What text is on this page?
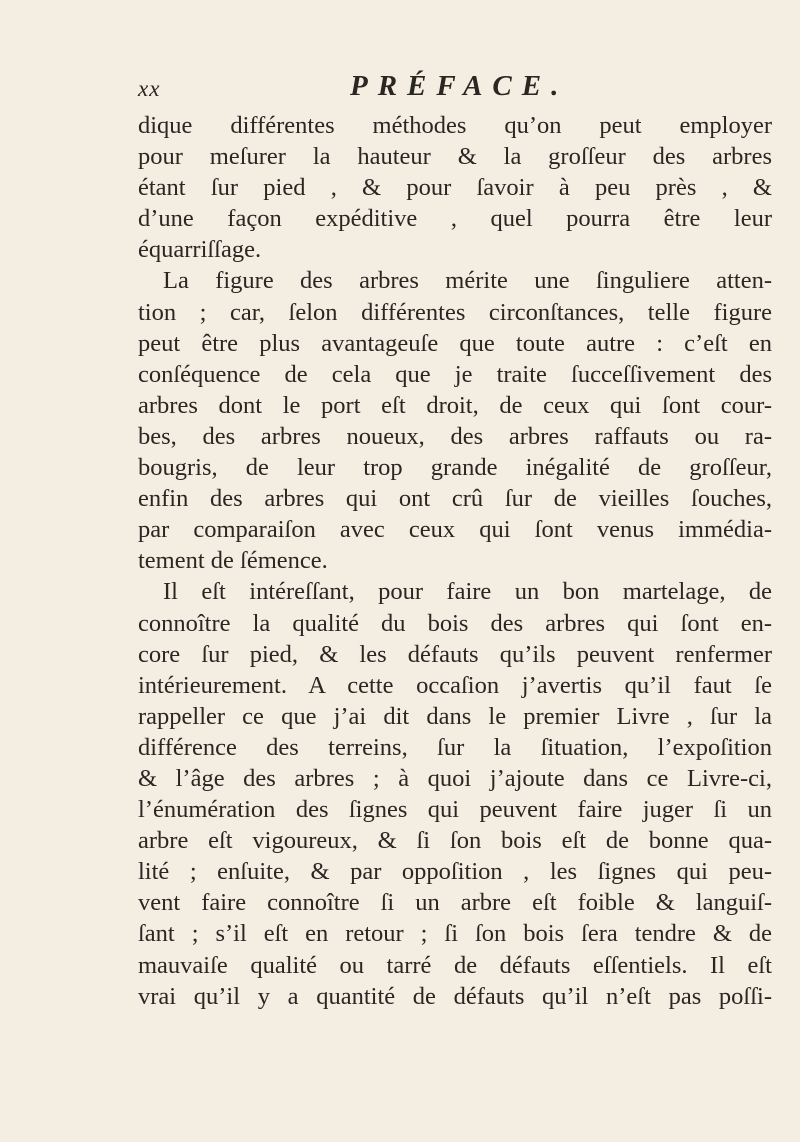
xx	PRÉFACE.
dique différentes méthodes qu’on peut employer
pour meſurer la hauteur & la groſſeur des arbres
étant ſur pied , & pour ſavoir à peu près , &
d’une façon expéditive , quel pourra être leur
équarriſſage.
La figure des arbres mérite une ſinguliere atten-
tion ; car, ſelon différentes circonſtances, telle figure
peut être plus avantageuſe que toute autre : c’eſt en
conſéquence de cela que je traite ſucceſſivement des
arbres dont le port eſt droit, de ceux qui ſont cour-
bes, des arbres noueux, des arbres raffauts ou ra-
bougris, de leur trop grande inégalité de groſſeur,
enfin des arbres qui ont crû ſur de vieilles ſouches,
par comparaiſon avec ceux qui ſont venus immédia-
tement de ſémence.
Il eſt intéreſſant, pour faire un bon martelage, de
connoître la qualité du bois des arbres qui ſont en-
core ſur pied, & les défauts qu’ils peuvent renfermer
intérieurement. A cette occaſion j’avertis qu’il faut ſe
rappeller ce que j’ai dit dans le premier Livre , ſur la
différence des terreins, ſur la ſituation, l’expoſition
& l’âge des arbres ; à quoi j’ajoute dans ce Livre-ci,
l’énumération des ſignes qui peuvent faire juger ſi un
arbre eſt vigoureux, & ſi ſon bois eſt de bonne qua-
lité ; enſuite, & par oppoſition , les ſignes qui peu-
vent faire connoître ſi un arbre eſt foible & languiſ-
ſant ; s’il eſt en retour ; ſi ſon bois ſera tendre & de
mauvaiſe qualité ou tarré de défauts eſſentiels. Il eſt
vrai qu’il y a quantité de défauts qu’il n’eſt pas poſſi-
